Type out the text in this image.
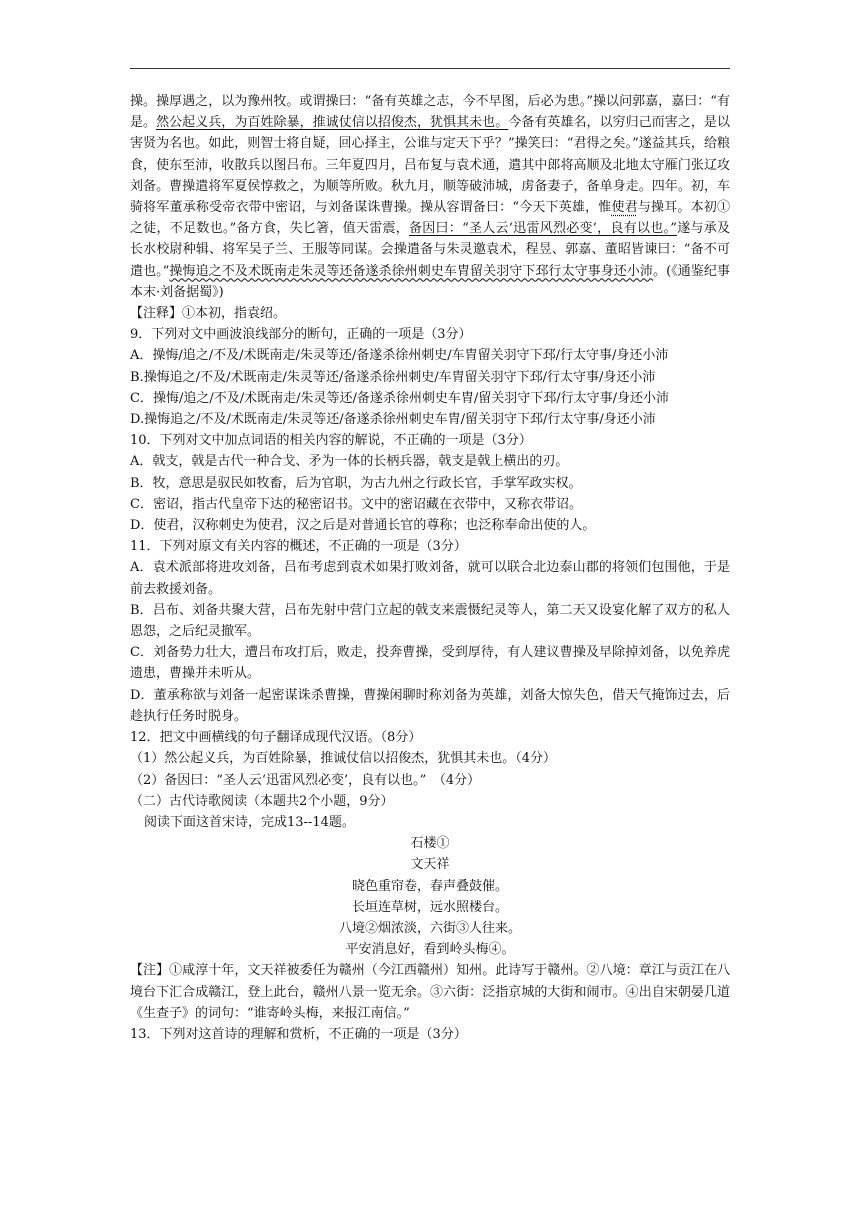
操。操厚遇之，以为豫州牧。或谓操曰：“备有英雄之志，今不早图，后必为患。”操以问郭嘉，嘉曰：“有是。然公起义兵，为百姓除暴，推诚仗信以招俊杰，犹惧其未也。今备有英雄名，以穷归己而害之，是以害贤为名也。如此，则智士将自疑，回心择主，公谁与定天下乎？”操笑曰：“君得之矣。”遂益其兵，给粮食，使东至沛，收散兵以图吕布。三年夏四月，吕布复与袁术通，遣其中郎将高顺及北地太守雁门张辽攻刘备。曹操遣将军夏侯惇救之，为顺等所败。秋九月，顺等破沛城，虏备妻子，备单身走。四年。初，车骑将军董承称受帝衣带中密诏，与刘备谋诛曹操。操从容谓备曰：“今天下英雄，惟使君与操耳。本初①之徒，不足数也。”备方食，失匕箸，值天雷震，备因曰：“圣人云‘迅雷风烈必变’，良有以也。”遂与承及长水校尉种辑、将军吴子兰、王服等同谋。会操遣备与朱灵邀袁术，程昱、郭嘉、董昭皆谏曰：“备不可遣也。”操悔追之不及术既南走朱灵等还备遂杀徐州刺史车胄留关羽守下邳行太守事身还小沛。(《通鉴纪事本末·刘备据蜀》)

【注释】①本初，指袁绍。

9．下列对文中画波浪线部分的断句，正确的一项是（3分）

A．操悔/追之/不及/术既南走/朱灵等还/备遂杀徐州刺史/车胄留关羽守下邳/行太守事/身还小沛

B.操悔追之/不及/术既南走/朱灵等还/备遂杀徐州刺史/车胄留关羽守下邳/行太守事/身还小沛

C．操悔/追之/不及/术既南走/朱灵等还/备遂杀徐州刺史车胄/留关羽守下邳/行太守事/身还小沛

D.操悔追之/不及/术既南走/朱灵等还/备遂杀徐州刺史车胄/留关羽守下邳/行太守事/身还小沛

10．下列对文中加点词语的相关内容的解说，不正确的一项是（3分）

A．戟支，戟是古代一种合戈、矛为一体的长柄兵器，戟支是戟上横出的刃。

B．牧，意思是驭民如牧畜，后为官职，为古九州之行政长官，手掌军政实权。

C．密诏，指古代皇帝下达的秘密诏书。文中的密诏藏在衣带中，又称衣带诏。

D．使君，汉称刺史为使君，汉之后是对普通长官的尊称；也泛称奉命出使的人。

11．下列对原文有关内容的概述，不正确的一项是（3分）

A．袁术派部将进攻刘备，吕布考虑到袁术如果打败刘备，就可以联合北边泰山郡的将领们包围他，于是前去救援刘备。

B．吕布、刘备共聚大营，吕布先射中营门立起的戟支来震慑纪灵等人，第二天又设宴化解了双方的私人恩怨，之后纪灵撤军。

C．刘备势力壮大，遭吕布攻打后，败走，投奔曹操，受到厚待，有人建议曹操及早除掉刘备，以免养虎遗患，曹操并未听从。

D．董承称欲与刘备一起密谋诛杀曹操，曹操闲聊时称刘备为英雄，刘备大惊失色，借天气掩饰过去，后趁执行任务时脱身。

12．把文中画横线的句子翻译成现代汉语。（8分）

（1）然公起义兵，为百姓除暴，推诚仗信以招俊杰，犹惧其未也。（4分）

（2）备因曰：“圣人云‘迅雷风烈必变’，良有以也。”　（4分）

（二）古代诗歌阅读（本题共2个小题，9分）

阅读下面这首宋诗，完成13--14题。

石楼①

文天祥

晓色重帘卷，春声叠鼓催。

长垣连草树，远水照楼台。

八境②烟浓淡，六街③人往来。

平安消息好，看到岭头梅④。

【注】①咸淳十年，文天祥被委任为赣州（今江西赣州）知州。此诗写于赣州。②八境：章江与贡江在八境台下汇合成赣江，登上此台，赣州八景一览无余。③六街：泛指京城的大街和闹市。④出自宋朝晏几道《生查子》的词句：“谁寄岭头梅，来报江南信。”

13．下列对这首诗的理解和赏析，不正确的一项是（3分）
